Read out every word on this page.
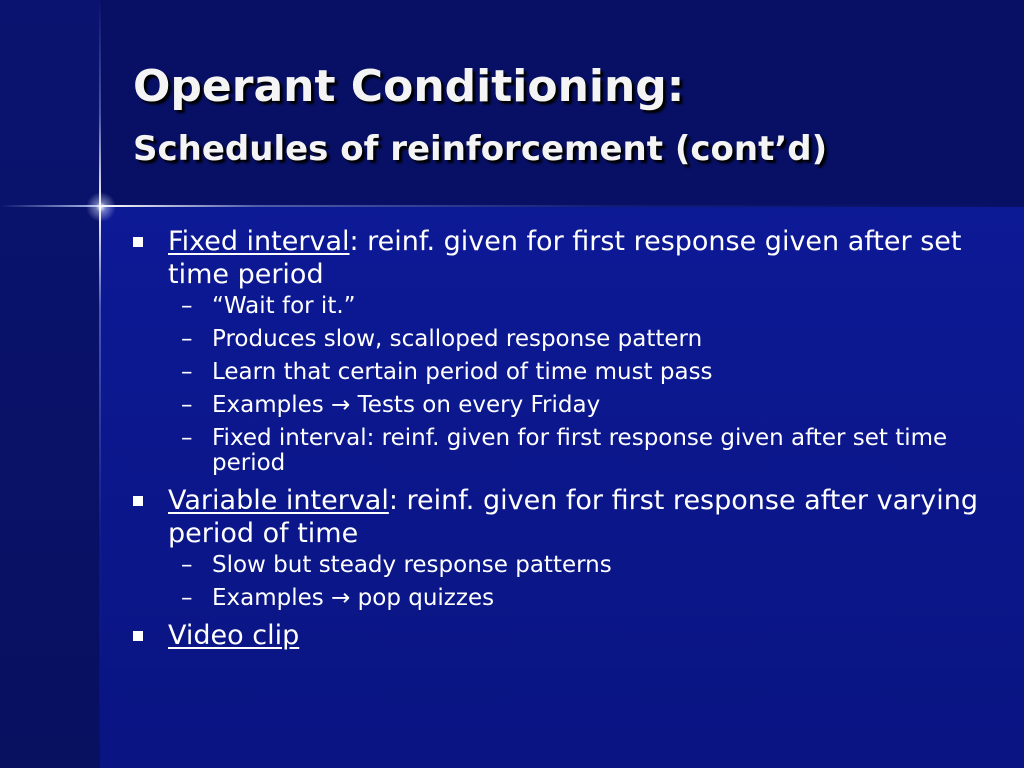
Operant Conditioning:
Schedules of reinforcement (cont’d)
Fixed interval: reinf. given for first response given after set time period
– “Wait for it.”
– Produces slow, scalloped response pattern
– Learn that certain period of time must pass
– Examples → Tests on every Friday
– Fixed interval: reinf. given for first response given after set time period
Variable interval: reinf. given for first response after varying period of time
– Slow but steady response patterns
– Examples → pop quizzes
Video clip
